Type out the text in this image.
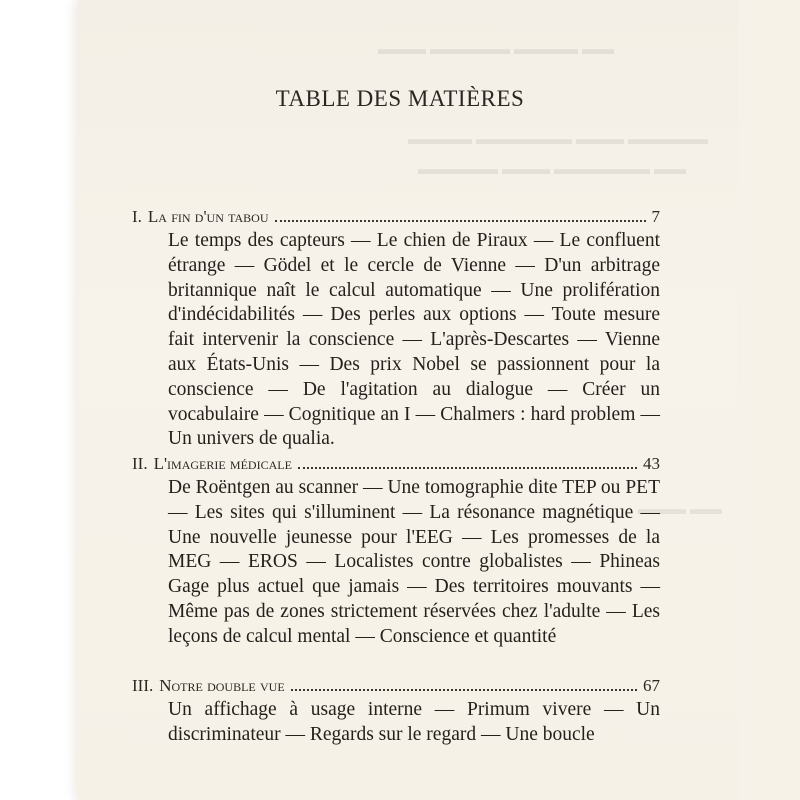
▬▬▬ ▬▬▬▬▬ ▬▬▬▬ ▬▬
▬▬▬▬ ▬▬▬▬▬▬ ▬▬▬ ▬▬▬▬▬
▬▬▬▬▬ ▬▬▬ ▬▬▬▬▬▬ ▬▬
▬▬▬ ▬▬
TABLE DES MATIÈRES
I. La fin d'un tabou	7

Le temps des capteurs — Le chien de Piraux — Le confluent étrange — Gödel et le cercle de Vienne — D'un arbitrage britannique naît le calcul automatique — Une prolifération d'indécidabilités — Des perles aux options — Toute mesure fait intervenir la conscience — L'après-Descartes — Vienne aux États-Unis — Des prix Nobel se passionnent pour la conscience — De l'agitation au dialogue — Créer un vocabulaire — Cognitique an I — Chalmers : hard problem — Un univers de qualia.

II. L'imagerie médicale	43

De Roëntgen au scanner — Une tomographie dite TEP ou PET — Les sites qui s'illuminent — La résonance magnétique — Une nouvelle jeunesse pour l'EEG — Les promesses de la MEG — EROS — Localistes contre globalistes — Phineas Gage plus actuel que jamais — Des territoires mouvants — Même pas de zones strictement réservées chez l'adulte — Les leçons de calcul mental — Conscience et quantité

III. Notre double vue	67

Un affichage à usage interne — Primum vivere — Un discriminateur — Regards sur le regard — Une boucle
